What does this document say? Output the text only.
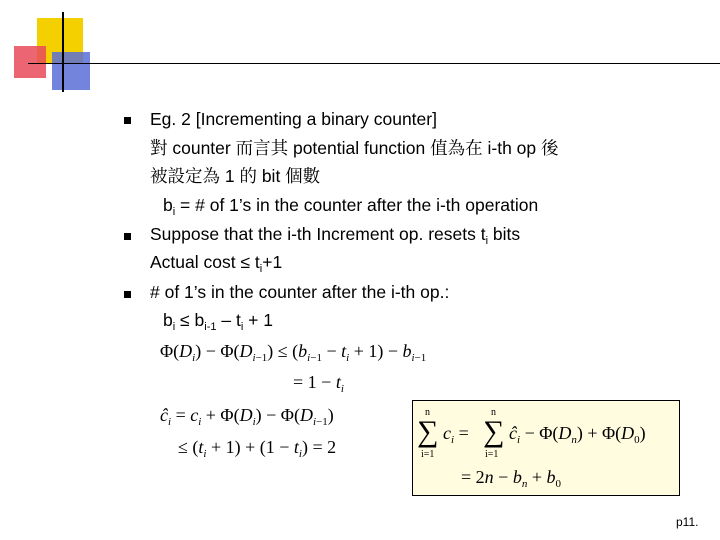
Eg. 2 [Incrementing a binary counter]
對 counter 而言其 potential function 值為在 i-th op 後
被設定為 1 的 bit 個數
$b_i$ = # of 1’s in the counter after the i-th operation
Suppose that the i-th Increment op. resets $t_i$ bits
Actual $\cos t \le t_i+1$
# of 1’s in the counter after the i-th op.:
$b_i \le b_{i-1} - t_i + 1$
$\Phi(D_i) - \Phi(D_{i-1}) \le (b_{i-1} - t_i + 1) - b_{i-1}$
= $1 - t_i$
$ĉ_i = c_i + \Phi(D_i) - \Phi(D_{i-1})$
≤ $(t_i + 1) + (1 - t_i) = 2$
n
∑
i=1
$c_i$ =
n
∑
i=1
$ĉ_i - \Phi(D_n) + \Phi(D_0)$
= $2n - b_n + b_0$
p11.
